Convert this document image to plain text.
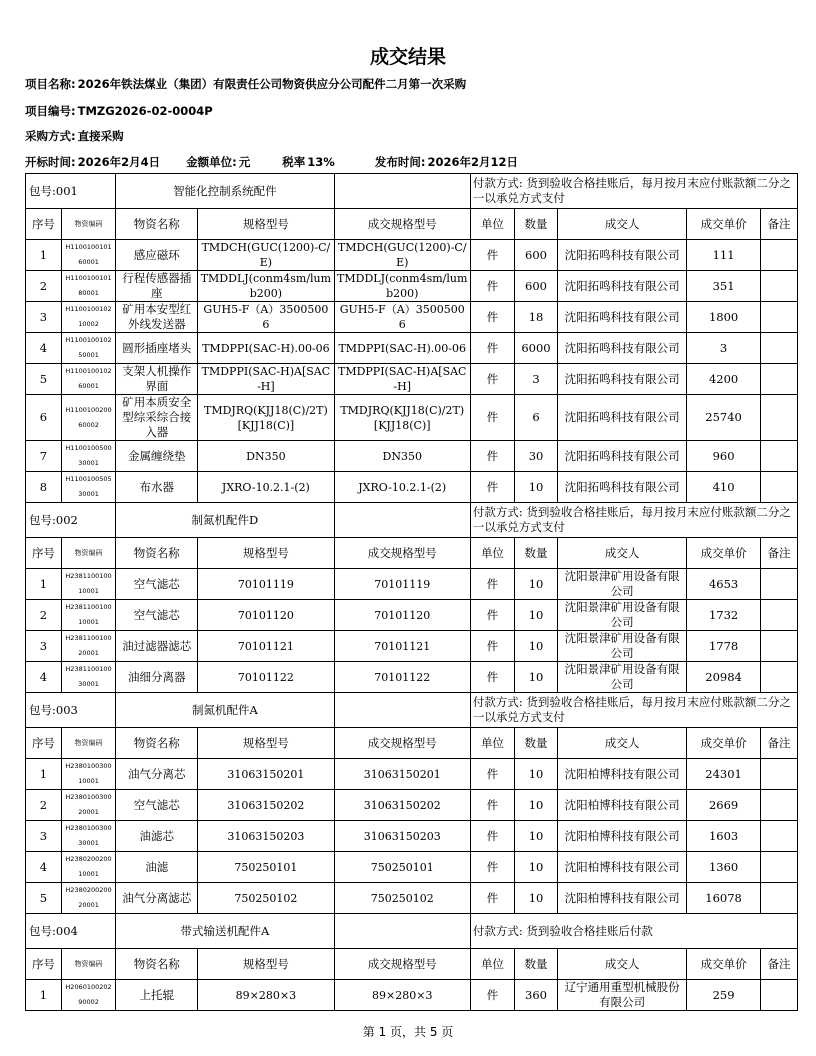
成交结果
项目名称: 2026年铁法煤业（集团）有限责任公司物资供应分公司配件二月第一次采购
项目编号: TMZG2026-02-0004P
采购方式: 直接采购
开标时间: 2026年2月4日 金额单位: 元	税率 13%	发布时间: 2026年2月12日
包号:001		智能化控制系统配件			付款方式: 货到验收合格挂账后，每月按月末应付账款额二分之一以承兑方式支付				
序号	物资编码	物资名称	规格型号	成交规格型号	单位	数量	成交人	成交单价	备注
1	H110010010160001	感应磁环	TMDCH(GUC(1200)-C/E)	TMDCH(GUC(1200)-C/E)	件	600	沈阳拓鸣科技有限公司	111	
2	H110010010180001	行程传感器插座	TMDDLJ(conm4sm/lumb200)	TMDDLJ(conm4sm/lumb200)	件	600	沈阳拓鸣科技有限公司	351	
3	H110010010210002	矿用本安型红外线发送器	GUH5-F（A）35005006	GUH5-F（A）35005006	件	18	沈阳拓鸣科技有限公司	1800	
4	H110010010250001	圆形插座堵头	TMDPPI(SAC-H).00-06	TMDPPI(SAC-H).00-06	件	6000	沈阳拓鸣科技有限公司	3	
5	H110010010260001	支架人机操作界面	TMDPPI(SAC-H)A[SAC-H]	TMDPPI(SAC-H)A[SAC-H]	件	3	沈阳拓鸣科技有限公司	4200	
6	H110010020060002	矿用本质安全型综采综合接入器	TMDJRQ(KJJ18(C)/2T)[KJJ18(C)]	TMDJRQ(KJJ18(C)/2T)[KJJ18(C)]	件	6	沈阳拓鸣科技有限公司	25740	
7	H110010050030001	金属缠绕垫	DN350	DN350	件	30	沈阳拓鸣科技有限公司	960	
8	H110010050530001	布水器	JXRO-10.2.1-(2)	JXRO-10.2.1-(2)	件	10	沈阳拓鸣科技有限公司	410	
包号:002		制氮机配件D			付款方式: 货到验收合格挂账后，每月按月末应付账款额二分之一以承兑方式支付				
序号	物资编码	物资名称	规格型号	成交规格型号	单位	数量	成交人	成交单价	备注
1	H238110010010001	空气滤芯	70101119	70101119	件	10	沈阳景津矿用设备有限公司	4653	
2	H238110010010001	空气滤芯	70101120	70101120	件	10	沈阳景津矿用设备有限公司	1732	
3	H238110010020001	油过滤器滤芯	70101121	70101121	件	10	沈阳景津矿用设备有限公司	1778	
4	H238110010030001	油细分离器	70101122	70101122	件	10	沈阳景津矿用设备有限公司	20984	
包号:003		制氮机配件A			付款方式: 货到验收合格挂账后，每月按月末应付账款额二分之一以承兑方式支付				
序号	物资编码	物资名称	规格型号	成交规格型号	单位	数量	成交人	成交单价	备注
1	H238010030010001	油气分离芯	31063150201	31063150201	件	10	沈阳柏博科技有限公司	24301	
2	H238010030020001	空气滤芯	31063150202	31063150202	件	10	沈阳柏博科技有限公司	2669	
3	H238010030030001	油滤芯	31063150203	31063150203	件	10	沈阳柏博科技有限公司	1603	
4	H238020020010001	油滤	750250101	750250101	件	10	沈阳柏博科技有限公司	1360	
5	H238020020020001	油气分离滤芯	750250102	750250102	件	10	沈阳柏博科技有限公司	16078	
包号:004		带式输送机配件A			付款方式: 货到验收合格挂账后付款				
序号	物资编码	物资名称	规格型号	成交规格型号	单位	数量	成交人	成交单价	备注
1	H206010020290002	上托辊	89×280×3	89×280×3	件	360	辽宁通用重型机械股份有限公司	259	
第 1 页，共 5 页
